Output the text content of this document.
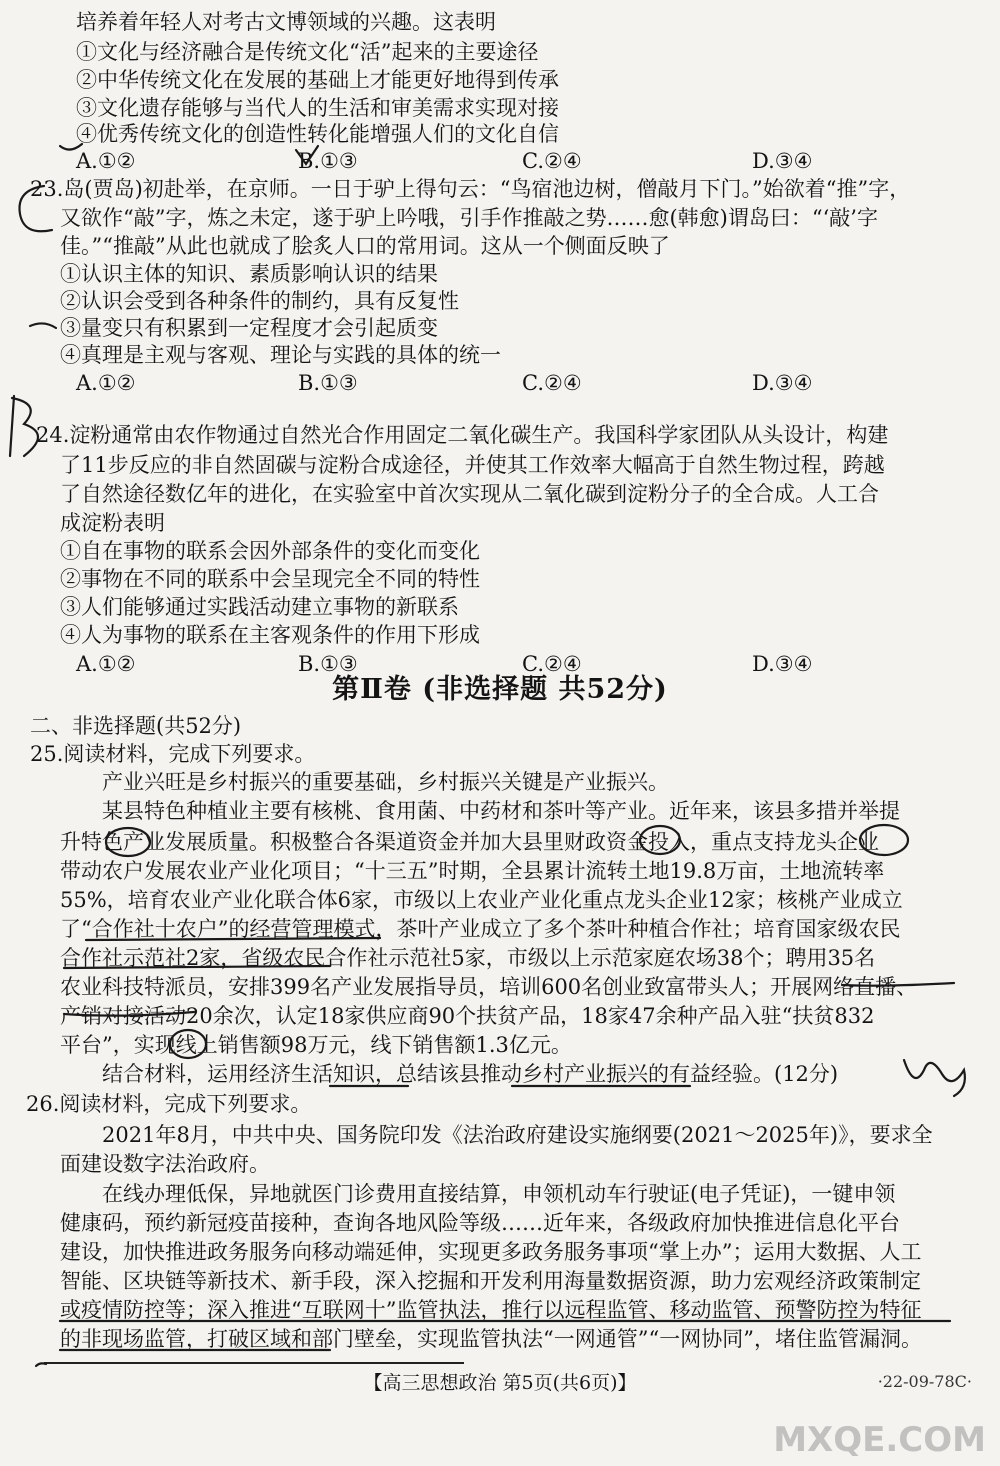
培养着年轻人对考古文博领域的兴趣。这表明
①文化与经济融合是传统文化“活”起来的主要途径
②中华传统文化在发展的基础上才能更好地得到传承
③文化遗存能够与当代人的生活和审美需求实现对接
④优秀传统文化的创造性转化能增强人们的文化自信
A.①②	B.①③	C.②④	D.③④
23.岛(贾岛)初赴举，在京师。一日于驴上得句云：“鸟宿池边树，僧敲月下门。”始欲着“推”字，
又欲作“敲”字，炼之未定，遂于驴上吟哦，引手作推敲之势……愈(韩愈)谓岛曰：“‘敲’字
佳。”“推敲”从此也就成了脍炙人口的常用词。这从一个侧面反映了
①认识主体的知识、素质影响认识的结果
②认识会受到各种条件的制约，具有反复性
③量变只有积累到一定程度才会引起质变
④真理是主观与客观、理论与实践的具体的统一
A.①②	B.①③	C.②④	D.③④
24.淀粉通常由农作物通过自然光合作用固定二氧化碳生产。我国科学家团队从头设计，构建
了11步反应的非自然固碳与淀粉合成途径，并使其工作效率大幅高于自然生物过程，跨越
了自然途径数亿年的进化，在实验室中首次实现从二氧化碳到淀粉分子的全合成。人工合
成淀粉表明
①自在事物的联系会因外部条件的变化而变化
②事物在不同的联系中会呈现完全不同的特性
③人们能够通过实践活动建立事物的新联系
④人为事物的联系在主客观条件的作用下形成
A.①②	B.①③	C.②④	D.③④
第Ⅱ卷 (非选择题 共52分)
二、非选择题(共52分)
25.阅读材料，完成下列要求。
产业兴旺是乡村振兴的重要基础，乡村振兴关键是产业振兴。
某县特色种植业主要有核桃、食用菌、中药材和茶叶等产业。近年来，该县多措并举提
升特色产业发展质量。积极整合各渠道资金并加大县里财政资金投入，重点支持龙头企业
带动农户发展农业产业化项目；“十三五”时期，全县累计流转土地19.8万亩，土地流转率
55%，培育农业产业化联合体6家，市级以上农业产业化重点龙头企业12家；核桃产业成立
了“合作社十农户”的经营管理模式，茶叶产业成立了多个茶叶种植合作社；培育国家级农民
合作社示范社2家，省级农民合作社示范社5家，市级以上示范家庭农场38个；聘用35名
农业科技特派员，安排399名产业发展指导员，培训600名创业致富带头人；开展网络直播、
产销对接活动20余次，认定18家供应商90个扶贫产品，18家47余种产品入驻“扶贫832
平台”，实现线上销售额98万元，线下销售额1.3亿元。
结合材料，运用经济生活知识，总结该县推动乡村产业振兴的有益经验。(12分)
26.阅读材料，完成下列要求。
2021年8月，中共中央、国务院印发《法治政府建设实施纲要(2021～2025年)》，要求全
面建设数字法治政府。
在线办理低保，异地就医门诊费用直接结算，申领机动车行驶证(电子凭证)，一键申领
健康码，预约新冠疫苗接种，查询各地风险等级……近年来，各级政府加快推进信息化平台
建设，加快推进政务服务向移动端延伸，实现更多政务服务事项“掌上办”；运用大数据、人工
智能、区块链等新技术、新手段，深入挖掘和开发利用海量数据资源，助力宏观经济政策制定
或疫情防控等；深入推进“互联网十”监管执法，推行以远程监管、移动监管、预警防控为特征
的非现场监管，打破区域和部门壁垒，实现监管执法“一网通管”“一网协同”，堵住监管漏洞。
【高三思想政治 第5页(共6页)】	·22-09-78C·
MXQE.COM
